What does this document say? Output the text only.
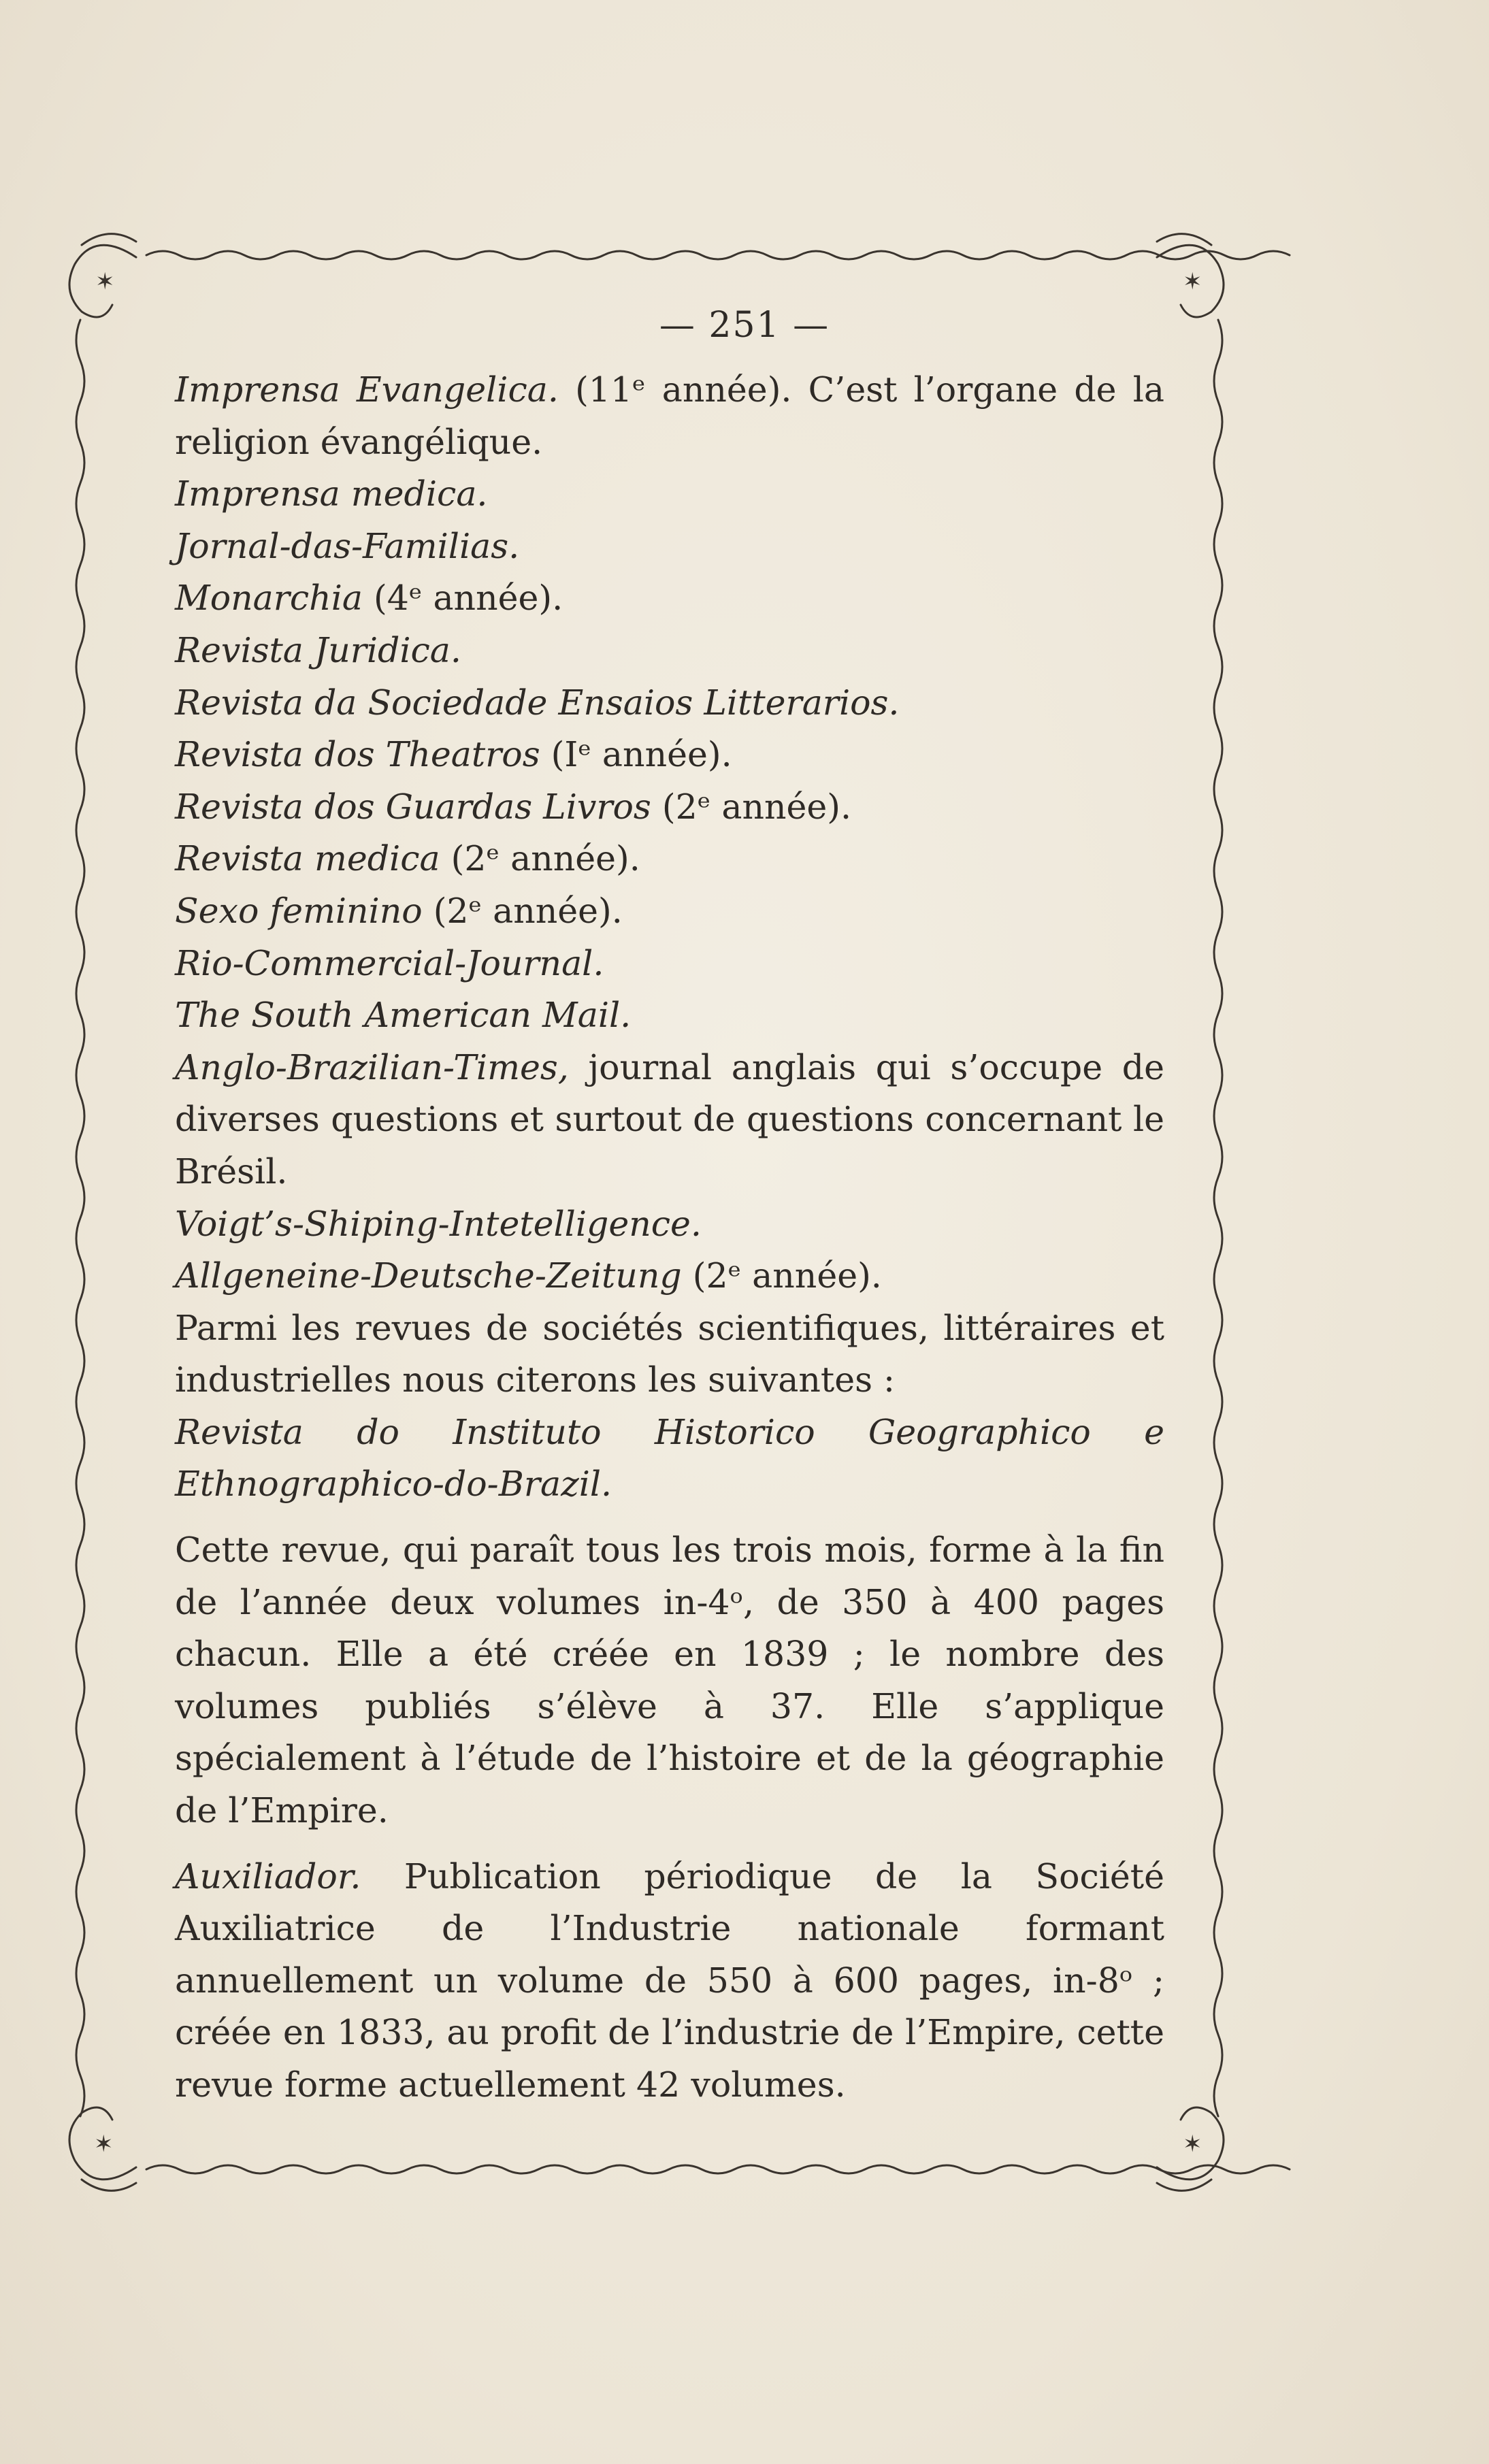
✶	✶
✶	✶
— 251 —

Imprensa Evangelica. (11ᵉ année). C’est l’organe de la religion évangélique.

Imprensa medica.

Jornal-das-Familias.

Monarchia (4ᵉ année).

Revista Juridica.

Revista da Sociedade Ensaios Litterarios.

Revista dos Theatros (Iᵉ année).

Revista dos Guardas Livros (2ᵉ année).

Revista medica (2ᵉ année).

Sexo feminino (2ᵉ année).

Rio-Commercial-Journal.

The South American Mail.

Anglo-Brazilian-Times, journal anglais qui s’occupe de diverses questions et surtout de questions concernant le Brésil.

Voigt’s-Shiping-Intetelligence.

Allgeneine-Deutsche-Zeitung (2ᵉ année).

Parmi les revues de sociétés scientifiques, littéraires et industrielles nous citerons les suivantes :

Revista do Instituto Historico Geographico e Ethnographico-do-Brazil.

Cette revue, qui paraît tous les trois mois, forme à la fin de l’année deux volumes in-4ᵒ, de 350 à 400 pages chacun. Elle a été créée en 1839 ; le nombre des volumes publiés s’élève à 37. Elle s’applique spécialement à l’étude de l’histoire et de la géographie de l’Empire.

Auxiliador. Publication périodique de la Société Auxiliatrice de l’Industrie nationale formant annuellement un volume de 550 à 600 pages, in-8ᵒ ; créée en 1833, au profit de l’industrie de l’Empire, cette revue forme actuellement 42 volumes.
